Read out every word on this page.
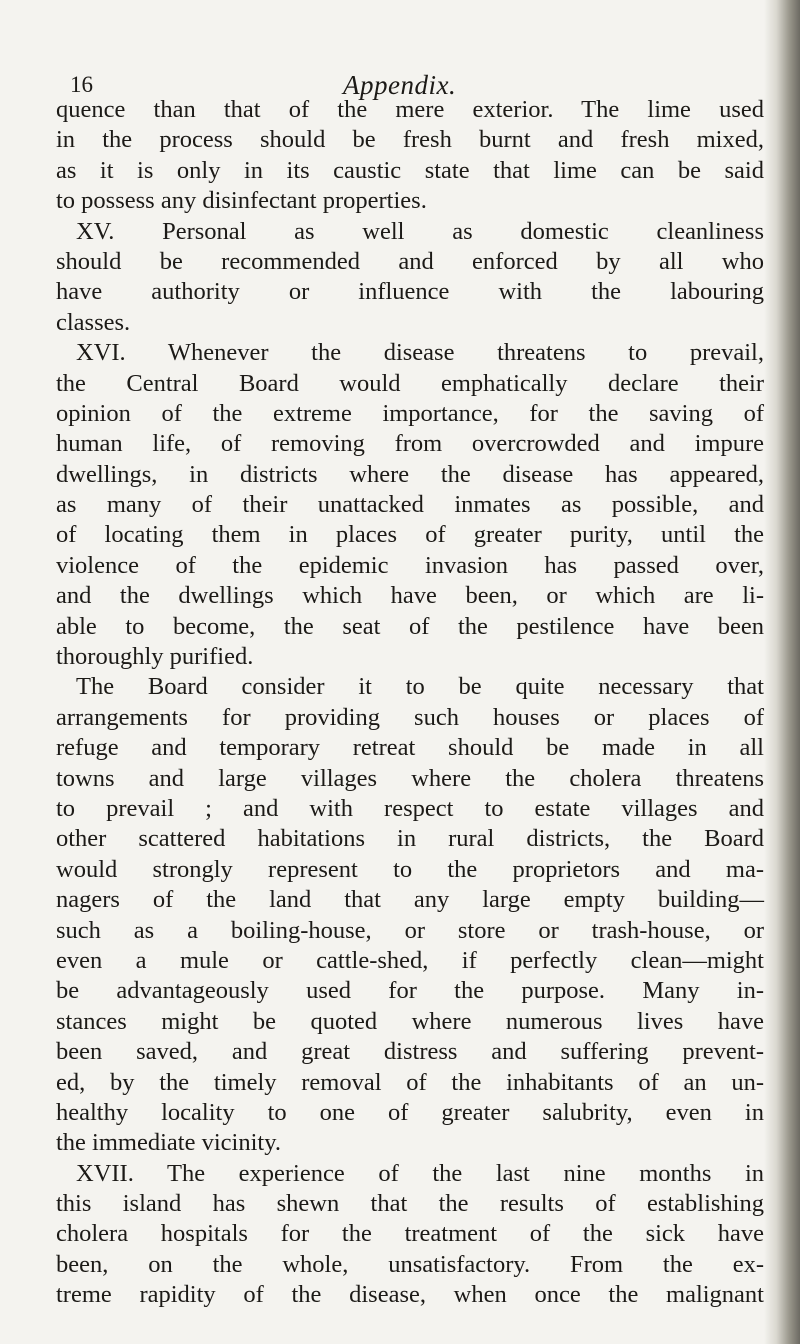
16	Appendix.
quence than that of the mere exterior. The lime used
in the process should be fresh burnt and fresh mixed,
as it is only in its caustic state that lime can be said
to possess any disinfectant properties.
XV. Personal as well as domestic cleanliness
should be recommended and enforced by all who
have authority or influence with the labouring
classes.
XVI. Whenever the disease threatens to prevail,
the Central Board would emphatically declare their
opinion of the extreme importance, for the saving of
human life, of removing from overcrowded and impure
dwellings, in districts where the disease has appeared,
as many of their unattacked inmates as possible, and
of locating them in places of greater purity, until the
violence of the epidemic invasion has passed over,
and the dwellings which have been, or which are li-
able to become, the seat of the pestilence have been
thoroughly purified.
The Board consider it to be quite necessary that
arrangements for providing such houses or places of
refuge and temporary retreat should be made in all
towns and large villages where the cholera threatens
to prevail ; and with respect to estate villages and
other scattered habitations in rural districts, the Board
would strongly represent to the proprietors and ma-
nagers of the land that any large empty building—
such as a boiling-house, or store or trash-house, or
even a mule or cattle-shed, if perfectly clean—might
be advantageously used for the purpose. Many in-
stances might be quoted where numerous lives have
been saved, and great distress and suffering prevent-
ed, by the timely removal of the inhabitants of an un-
healthy locality to one of greater salubrity, even in
the immediate vicinity.
XVII. The experience of the last nine months in
this island has shewn that the results of establishing
cholera hospitals for the treatment of the sick have
been, on the whole, unsatisfactory. From the ex-
treme rapidity of the disease, when once the malignant
